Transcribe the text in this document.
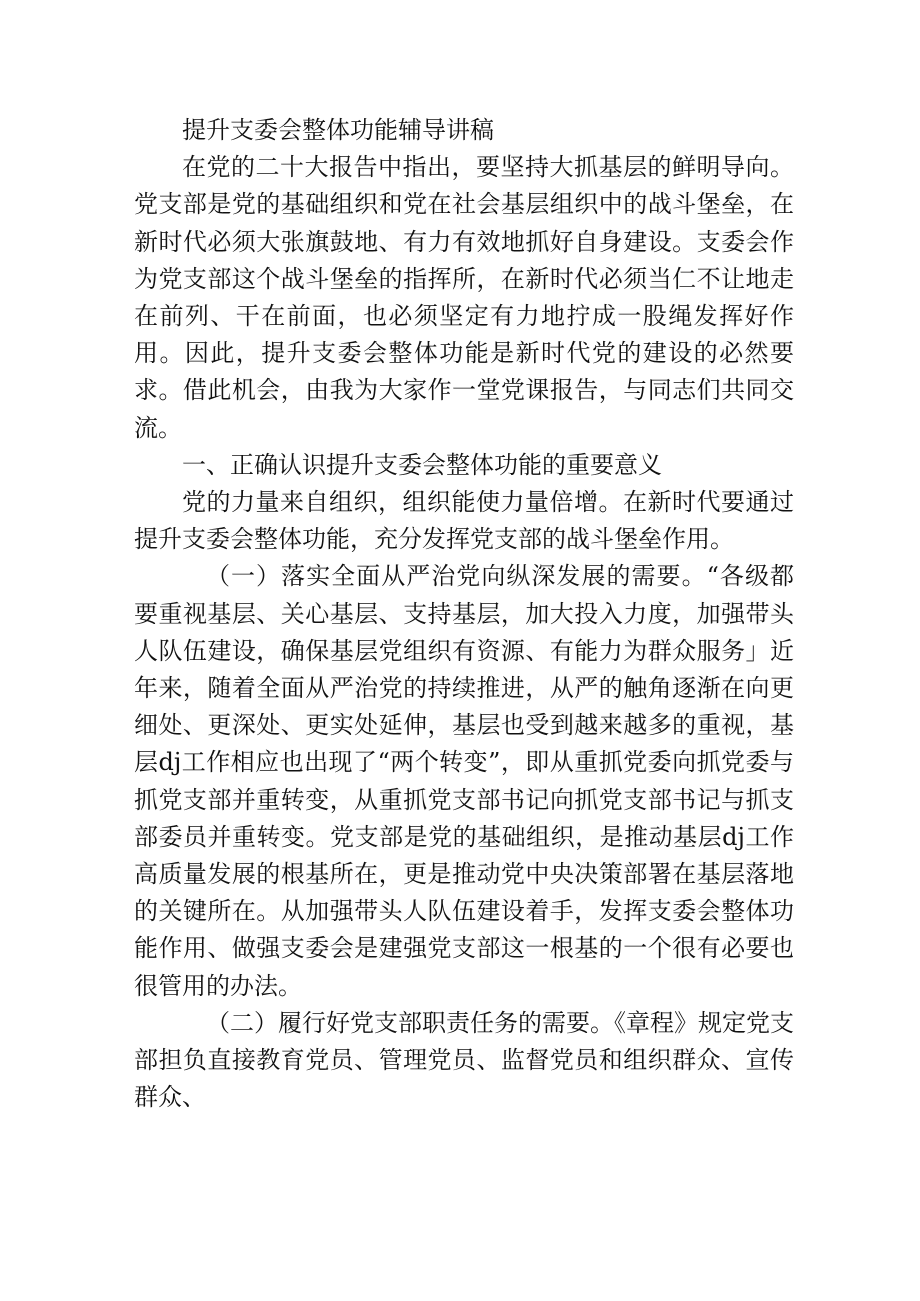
提升支委会整体功能辅导讲稿

在党的二十大报告中指出，要坚持大抓基层的鲜明导向。党支部是党的基础组织和党在社会基层组织中的战斗堡垒，在新时代必须大张旗鼓地、有力有效地抓好自身建设。支委会作为党支部这个战斗堡垒的指挥所，在新时代必须当仁不让地走在前列、干在前面，也必须坚定有力地拧成一股绳发挥好作用。因此，提升支委会整体功能是新时代党的建设的必然要求。借此机会，由我为大家作一堂党课报告，与同志们共同交流。

一、正确认识提升支委会整体功能的重要意义

党的力量来自组织，组织能使力量倍增。在新时代要通过提升支委会整体功能，充分发挥党支部的战斗堡垒作用。

（一）落实全面从严治党向纵深发展的需要。“各级都要重视基层、关心基层、支持基层，加大投入力度，加强带头人队伍建设，确保基层党组织有资源、有能力为群众服务」近年来，随着全面从严治党的持续推进，从严的触角逐渐在向更细处、更深处、更实处延伸，基层也受到越来越多的重视，基层dj工作相应也出现了“两个转变”，即从重抓党委向抓党委与抓党支部并重转变，从重抓党支部书记向抓党支部书记与抓支部委员并重转变。党支部是党的基础组织，是推动基层dj工作高质量发展的根基所在，更是推动党中央决策部署在基层落地的关键所在。从加强带头人队伍建设着手，发挥支委会整体功能作用、做强支委会是建强党支部这一根基的一个很有必要也很管用的办法。

（二）履行好党支部职责任务的需要。《章程》规定党支部担负直接教育党员、管理党员、监督党员和组织群众、宣传群众、
